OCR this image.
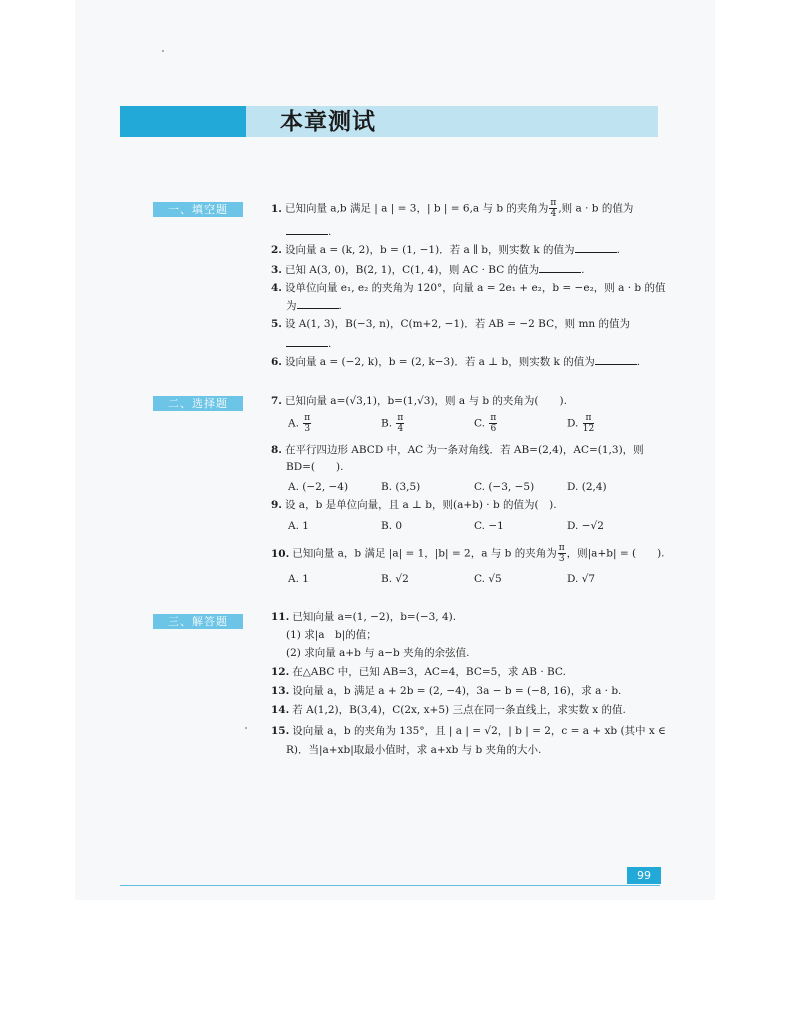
本章测试
一、填空题	1. 已知向量 a,b 满足 | a | = 3，| b | = 6,a 与 b 的夹角为 $\frac{\pi}{4}$ ,则 a · b 的值为
.
2. 设向量 a = (k, 2)，b = (1, −1)．若 a ∥ b，则实数 k 的值为	.
3. 已知 A(3, 0)，B(2, 1)，C(1, 4)，则 AC · BC 的值为	.
4. 设单位向量 e₁, e₂ 的夹角为 120°，向量 a = 2e₁ + e₂，b = −e₂，则 a · b 的值
为	.
5. 设 A(1, 3)，B(−3, n)，C(m+2, −1)．若 AB = −2 BC，则 mn 的值为
.
6. 设向量 a = (−2, k)，b = (2, k−3)．若 a ⊥ b，则实数 k 的值为	.
二、选择题	7. 已知向量 a=(√3,1)，b=(1,√3)，则 a 与 b 的夹角为(　　).
A. $\frac{\pi}{3}$	B. $\frac{\pi}{4}$	C. $\frac{\pi}{6}$	D. $\frac{\pi}{12}$
8. 在平行四边形 ABCD 中，AC 为一条对角线．若 AB=(2,4)，AC=(1,3)，则
BD=(　　).
A. (−2, −4)	B. (3,5)	C. (−3, −5)	D. (2,4)
9. 设 a，b 是单位向量，且 a ⊥ b，则(a+b) · b 的值为(　).
A. 1	B. 0	C. −1	D. −√2
10. 已知向量 a，b 满足 |a| = 1，|b| = 2，a 与 b 的夹角为 $\frac{\pi}{3}$ ，则|a+b| = (　　).
A. 1	B. √2	C. √5	D. √7
三、解答题	11. 已知向量 a=(1, −2)，b=(−3, 4).
(1) 求|a　b|的值；
(2) 求向量 a+b 与 a−b 夹角的余弦值.
12. 在△ABC 中，已知 AB=3，AC=4，BC=5，求 AB · BC.
13. 设向量 a，b 满足 a + 2b = (2, −4)，3a − b = (−8, 16)，求 a · b.
14. 若 A(1,2)，B(3,4)，C(2x, x+5) 三点在同一条直线上，求实数 x 的值.
15. 设向量 a，b 的夹角为 135°，且 | a | = √2，| b | = 2，c = a + xb (其中 x ∈
R)．当|a+xb|取最小值时，求 a+xb 与 b 夹角的大小.
99
